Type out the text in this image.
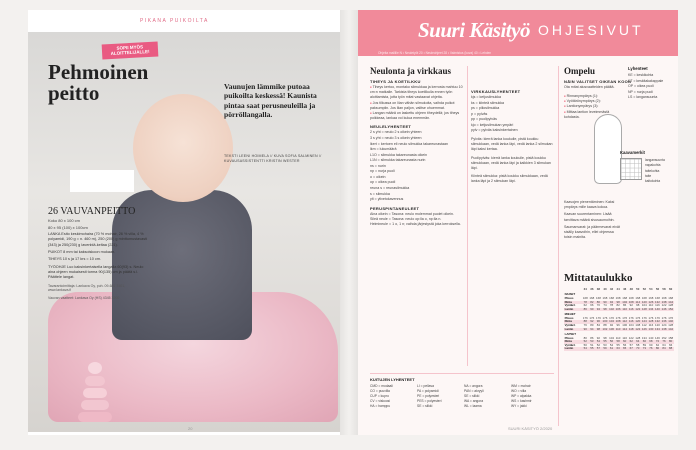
PIKANA PUIKOILTA
SOPII MYÖS ALOITTELIJALLE!
Pehmoinen
peitto	Vaunujen lämmike putoaa puikoilta keskessä! Kaunista pintaa saat perusneuleilla ja pörröllangalla.
TEKSTI LEENI HOIMELA // KUVA SOFIA SALMINEN // KUVAUSASSISTENTTI KRISTIN WESTER
26 VAUVANPEITTO
Koko 80 x 100 cm
80 x 95 (100) x 100cm
LANKA Esito keskimohaira (70 % mohair, 26 % villa, 4 % polyamidi, 190 g = n. 460 m), 250 (200) g minttumustavasti (343) ja 250(230) g lavenblä-keltaa (221).
PUIKOT 8 mm tai kaksoiskoon mukaan.
TIHEYS 10 s ja 17 krs = 10 cm.
TYÖOHJE Luo kaksinkertaisella langalla 60(93) s. Neulo aina ohjeen mukaisesti torma 90(135) cm ja päätä s.l. Päättele langat.
Tavarantoimittaja: Lankava Oy, puh. 09-681 3101, www.lankava.fi
Vauvan vaatteet: Lankava Oy (HS) 4345 3200
20
Suuri Käsityö OHJESIVUT
Ohjeita mallille N • Neuletyöt 20 • Neuleohjeet 28 • Valmistus (kuva) 40 • Lehden
Neulonta ja virkkaus
TIHEYS JA KOETILKKU
■ Tiheys kertoo, montako silmukkaa ja kerrosta mahtuu 10 cm:n matkalle. Tarkista tiheys koetilkulla ennen työn aloittamista, jotta työn mitat vastaavat ohjetta.
■ Jos tilkussa on liian vähän silmukoita, vaihda puikot paksumpiin. Jos liian paljon, valitse ohuemmat.
■ Langan määrä on laskettu ohjeen tiheydellä; jos tiheys poikkeaa, lankaa voi kulua enemmän.
NEULELYHENTEET
2 s yht = neulo 2 s oikein yhteen
3 s yht = neulo 3 s oikein yhteen
lkert = kertoen eli neulo silmukka takareunastaan
lkm = lukumäärä
L1O = silmukka takareunasta oikein
L1N = silmukka takareunasta nurin
ns = nurin
np = nurja puoli
o = oikein
op = oikea puoli
reuna s = reunasilmukka
s = silmukka
ylt = ylivetokavennus
PERUSPINTANEULEET

Aina oikein = Tasona: neulo molemmat puolet oikein.

Sileä neule = Tasona: neulo op:lla o, np:lla n.

Helmineule = 1 o, 1 n; vaihda järjestystä joka kerroksella.

VIRKKAUSLYHENTEET
kjs = ketjusilmukka
ks = kiinteä silmukka
ps = piilosilmukka
p = pylväs
pp = puolipylväs
kjo = ketjusilmukan ympäri
pylv = pylväs kaksinkertainen

Pylväs: kierrä lanka koukulle, pistä koukku silmukkaan, vedä lanka läpi, vedä lanka 2 silmukan läpi kaksi kertaa.

Puolipylväs: kierrä lanka koukulle, pistä koukku silmukkaan, vedä lanka läpi ja kaikkien 3 silmukan läpi.

Kiinteä silmukka: pistä koukku silmukkaan, vedä lanka läpi ja 2 silmukan läpi.

Ompelu
NÄIN VALITSET OIKEAN KOON

Ota mitat alusvaatteiden päältä.

■ Rinnanympärys (1):
■ Vyötärönympärys (2):
■ Lantionympärys (3):
■ Mittaa lantion leveimmästä kohdasta.

Kaavojen pienentäminen: Kaksi ympärys mille kaava kokoa.

Kaavan suurentaminen: Lisää tarvittava määrä sivusaumoihin.

Saumanvarat: ja päärmevarat eivät sisälly kaavoihin, ellei ohjeessa toisin mainita.

Lyhenteet
KE = keskikohta
KT = keskitakakappale
OP = oikea puoli
NP = nurja puoli
LS = langansuunta
Kaavamerkit
langansuunta
napakohta
taitekohta
taite
kaitokohta
Mittataulukko
	34	36	38	40	42	44	46	48	50	52	54	56	58	60
NAISET														
Pituus	168	168	168	168	168	168	168	168	168	168	168	168	168	168
Rinta	78	82	86	90	94	98	102	108	114	120	126	132	138	144
Vyötärö	62	66	70	74	78	82	86	92	98	104	110	116	122	128
Lantio	86	90	94	98	102	106	110	116	122	128	134	140	146	152
MIEHET														
Pituus	176	176	176	176	176	176	176	176	176	176	176	176	176	176
Rinta	88	92	96	100	104	108	112	116	120	124	128	132	136	140
Vyötärö	76	80	84	88	92	96	100	104	108	112	116	120	124	128
Lantio	90	94	98	102	106	110	114	118	122	126	130	134	138	142
LAPSET														
Pituus	80	86	92	98	104	110	116	122	128	134	140	146	152	158
Rinta	52	53	54	55	56	58	60	62	64	66	68	72	76	80
Vyötärö	50	51	52	53	54	55	56	57	58	59	60	62	64	66
Lantio	54	55	57	59	61	63	65	67	70	73	76	80	84	88
KUITUJEN LYHENTEET
CMD = modaali	LI = pellava	NA = angora	WM = mohair
CO = puuvilla	PA = polyamidi	PAN = akryyli	WO = villa
CUP = kupro	PE = polyesteri	SE = silkki	WP = alpakka
CV = viskoosi	PES = polyesteri	WA = angora	WS = kashmir
HA = hamppu	SE = silkki	WL = laama	WY = jakki
SUURI KÄSITYÖ 2/2020
